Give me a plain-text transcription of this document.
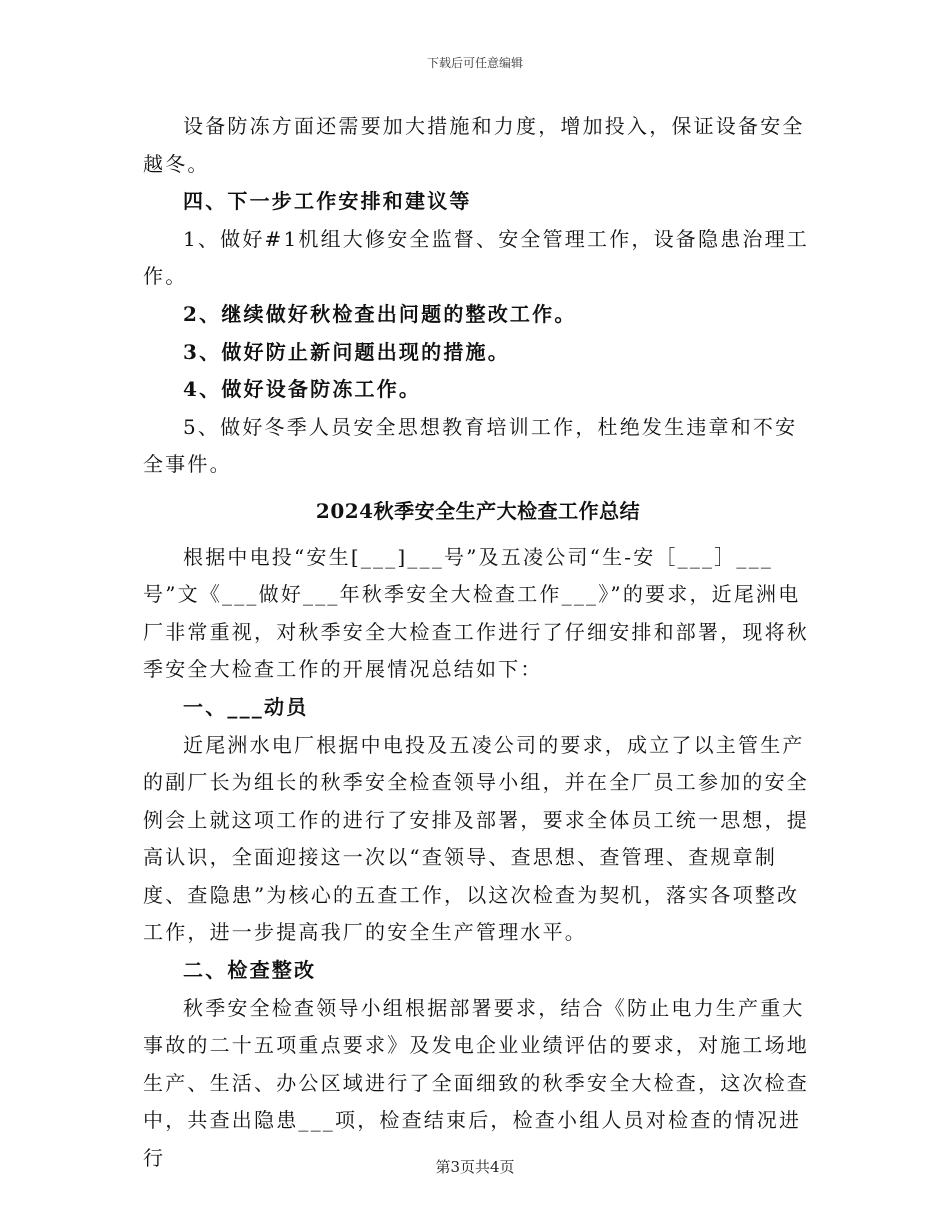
下载后可任意编辑

设备防冻方面还需要加大措施和力度，增加投入，保证设备安全越冬。

四、下一步工作安排和建议等

1、做好#1机组大修安全监督、安全管理工作，设备隐患治理工作。

2、继续做好秋检查出问题的整改工作。

3、做好防止新问题出现的措施。

4、做好设备防冻工作。

5、做好冬季人员安全思想教育培训工作，杜绝发生违章和不安全事件。

2024秋季安全生产大检查工作总结

根据中电投“安生[___]___号”及五凌公司“生-安［___］___号”文《___做好___年秋季安全大检查工作___》”的要求，近尾洲电厂非常重视，对秋季安全大检查工作进行了仔细安排和部署，现将秋季安全大检查工作的开展情况总结如下：

一、___动员

近尾洲水电厂根据中电投及五凌公司的要求，成立了以主管生产的副厂长为组长的秋季安全检查领导小组，并在全厂员工参加的安全例会上就这项工作的进行了安排及部署，要求全体员工统一思想，提高认识，全面迎接这一次以“查领导、查思想、查管理、查规章制度、查隐患”为核心的五查工作，以这次检查为契机，落实各项整改工作，进一步提高我厂的安全生产管理水平。

二、检查整改

秋季安全检查领导小组根据部署要求，结合《防止电力生产重大事故的二十五项重点要求》及发电企业业绩评估的要求，对施工场地生产、生活、办公区域进行了全面细致的秋季安全大检查，这次检查中，共查出隐患___项，检查结束后，检查小组人员对检查的情况进行	第3页共4页
